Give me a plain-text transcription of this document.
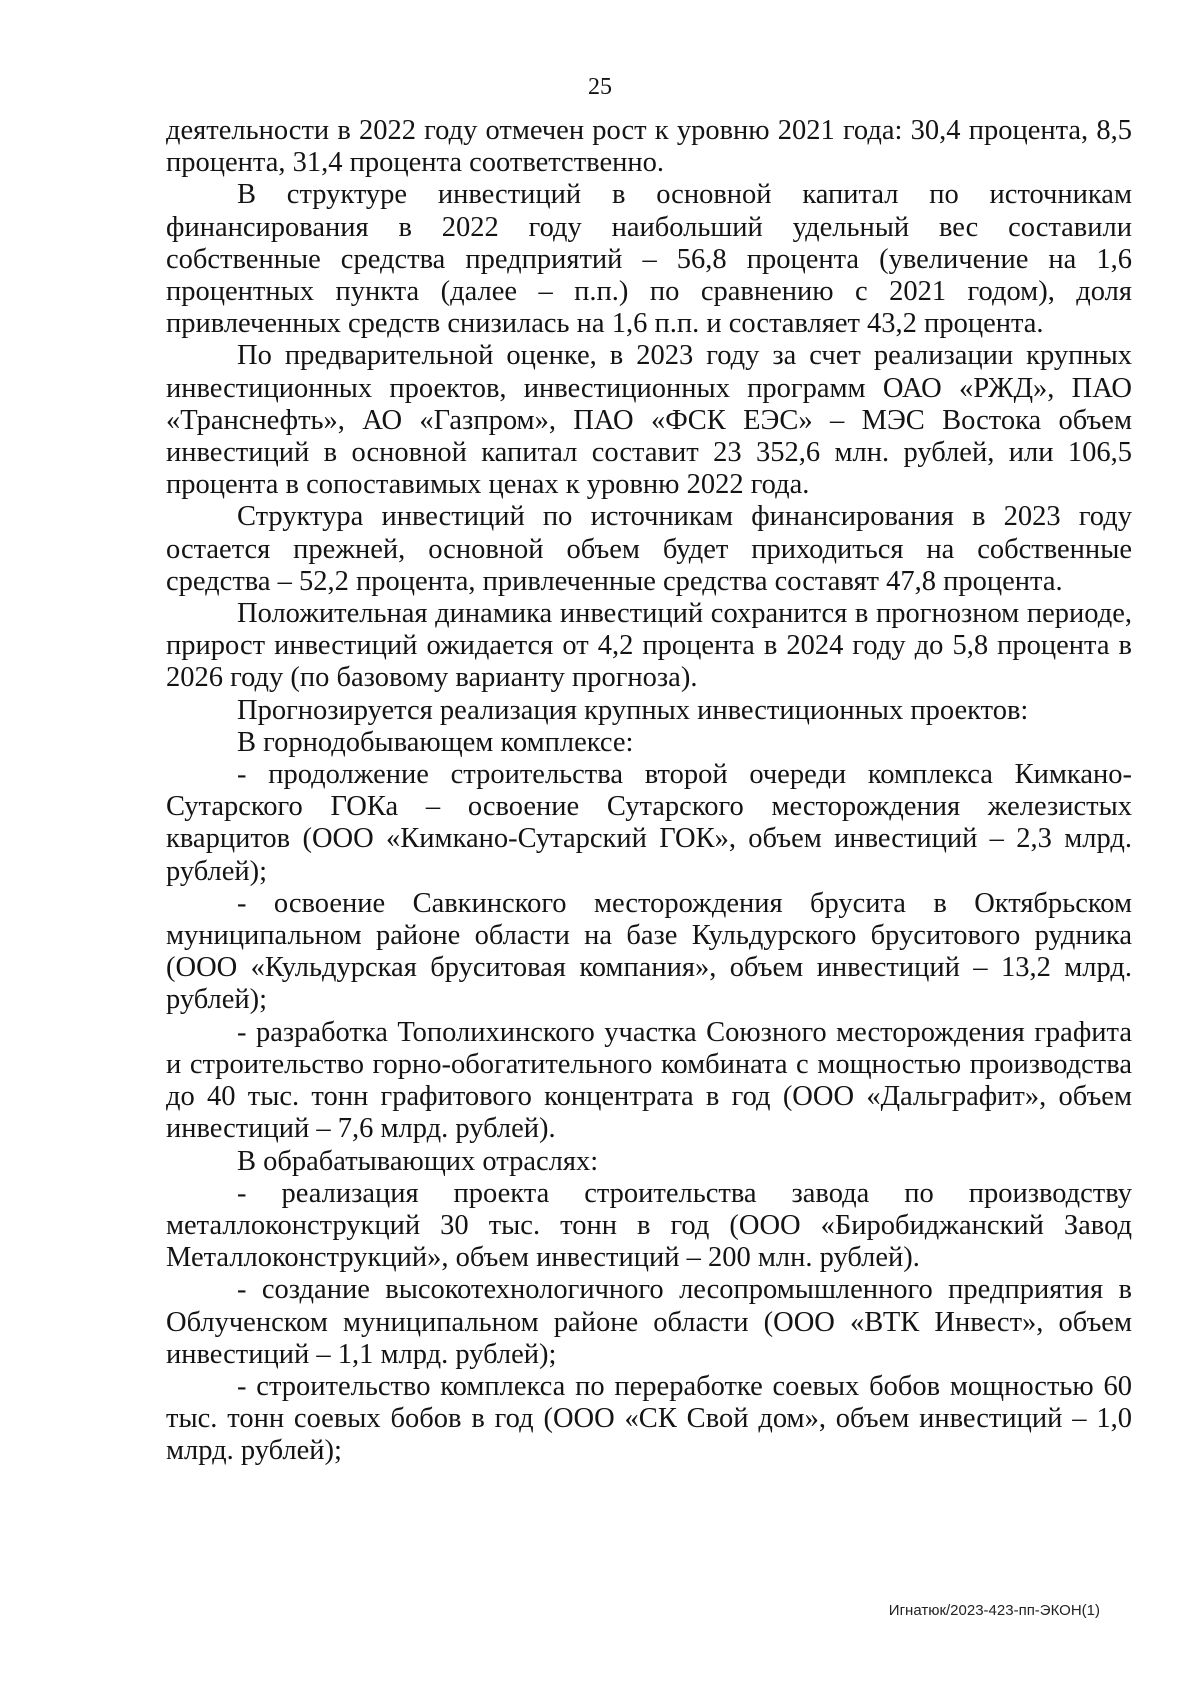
25

деятельности в 2022 году отмечен рост к уровню 2021 года: 30,4 процента, 8,5 процента, 31,4 процента соответственно.

В структуре инвестиций в основной капитал по источникам финансирования в 2022 году наибольший удельный вес составили собственные средства предприятий – 56,8 процента (увеличение на 1,6 процентных пункта (далее – п.п.) по сравнению с 2021 годом), доля привлеченных средств снизилась на 1,6 п.п. и составляет 43,2 процента.

По предварительной оценке, в 2023 году за счет реализации крупных инвестиционных проектов, инвестиционных программ ОАО «РЖД», ПАО «Транснефть», АО «Газпром», ПАО «ФСК ЕЭС» – МЭС Востока объем инвестиций в основной капитал составит 23 352,6 млн. рублей, или 106,5 процента в сопоставимых ценах к уровню 2022 года.

Структура инвестиций по источникам финансирования в 2023 году остается прежней, основной объем будет приходиться на собственные средства – 52,2 процента, привлеченные средства составят 47,8 процента.

Положительная динамика инвестиций сохранится в прогнозном периоде, прирост инвестиций ожидается от 4,2 процента в 2024 году до 5,8 процента в 2026 году (по базовому варианту прогноза).

Прогнозируется реализация крупных инвестиционных проектов:

В горнодобывающем комплексе:

- продолжение строительства второй очереди комплекса Кимкано-Сутарского ГОКа – освоение Сутарского месторождения железистых кварцитов (ООО «Кимкано-Сутарский ГОК», объем инвестиций – 2,3 млрд. рублей);

- освоение Савкинского месторождения брусита в Октябрьском муниципальном районе области на базе Кульдурского бруситового рудника (ООО «Кульдурская бруситовая компания», объем инвестиций – 13,2 млрд. рублей);

- разработка Тополихинского участка Союзного месторождения графита и строительство горно-обогатительного комбината с мощностью производства до 40 тыс. тонн графитового концентрата в год (ООО «Дальграфит», объем инвестиций – 7,6 млрд. рублей).

В обрабатывающих отраслях:

- реализация проекта строительства завода по производству металлоконструкций 30 тыс. тонн в год (ООО «Биробиджанский Завод Металлоконструкций», объем инвестиций – 200 млн. рублей).

- создание высокотехнологичного лесопромышленного предприятия в Облученском муниципальном районе области (ООО «ВТК Инвест», объем инвестиций – 1,1 млрд. рублей);

- строительство комплекса по переработке соевых бобов мощностью 60 тыс. тонн соевых бобов в год (ООО «СК Свой дом», объем инвестиций – 1,0 млрд. рублей);

Игнатюк/2023-423-пп-ЭКОН(1)
